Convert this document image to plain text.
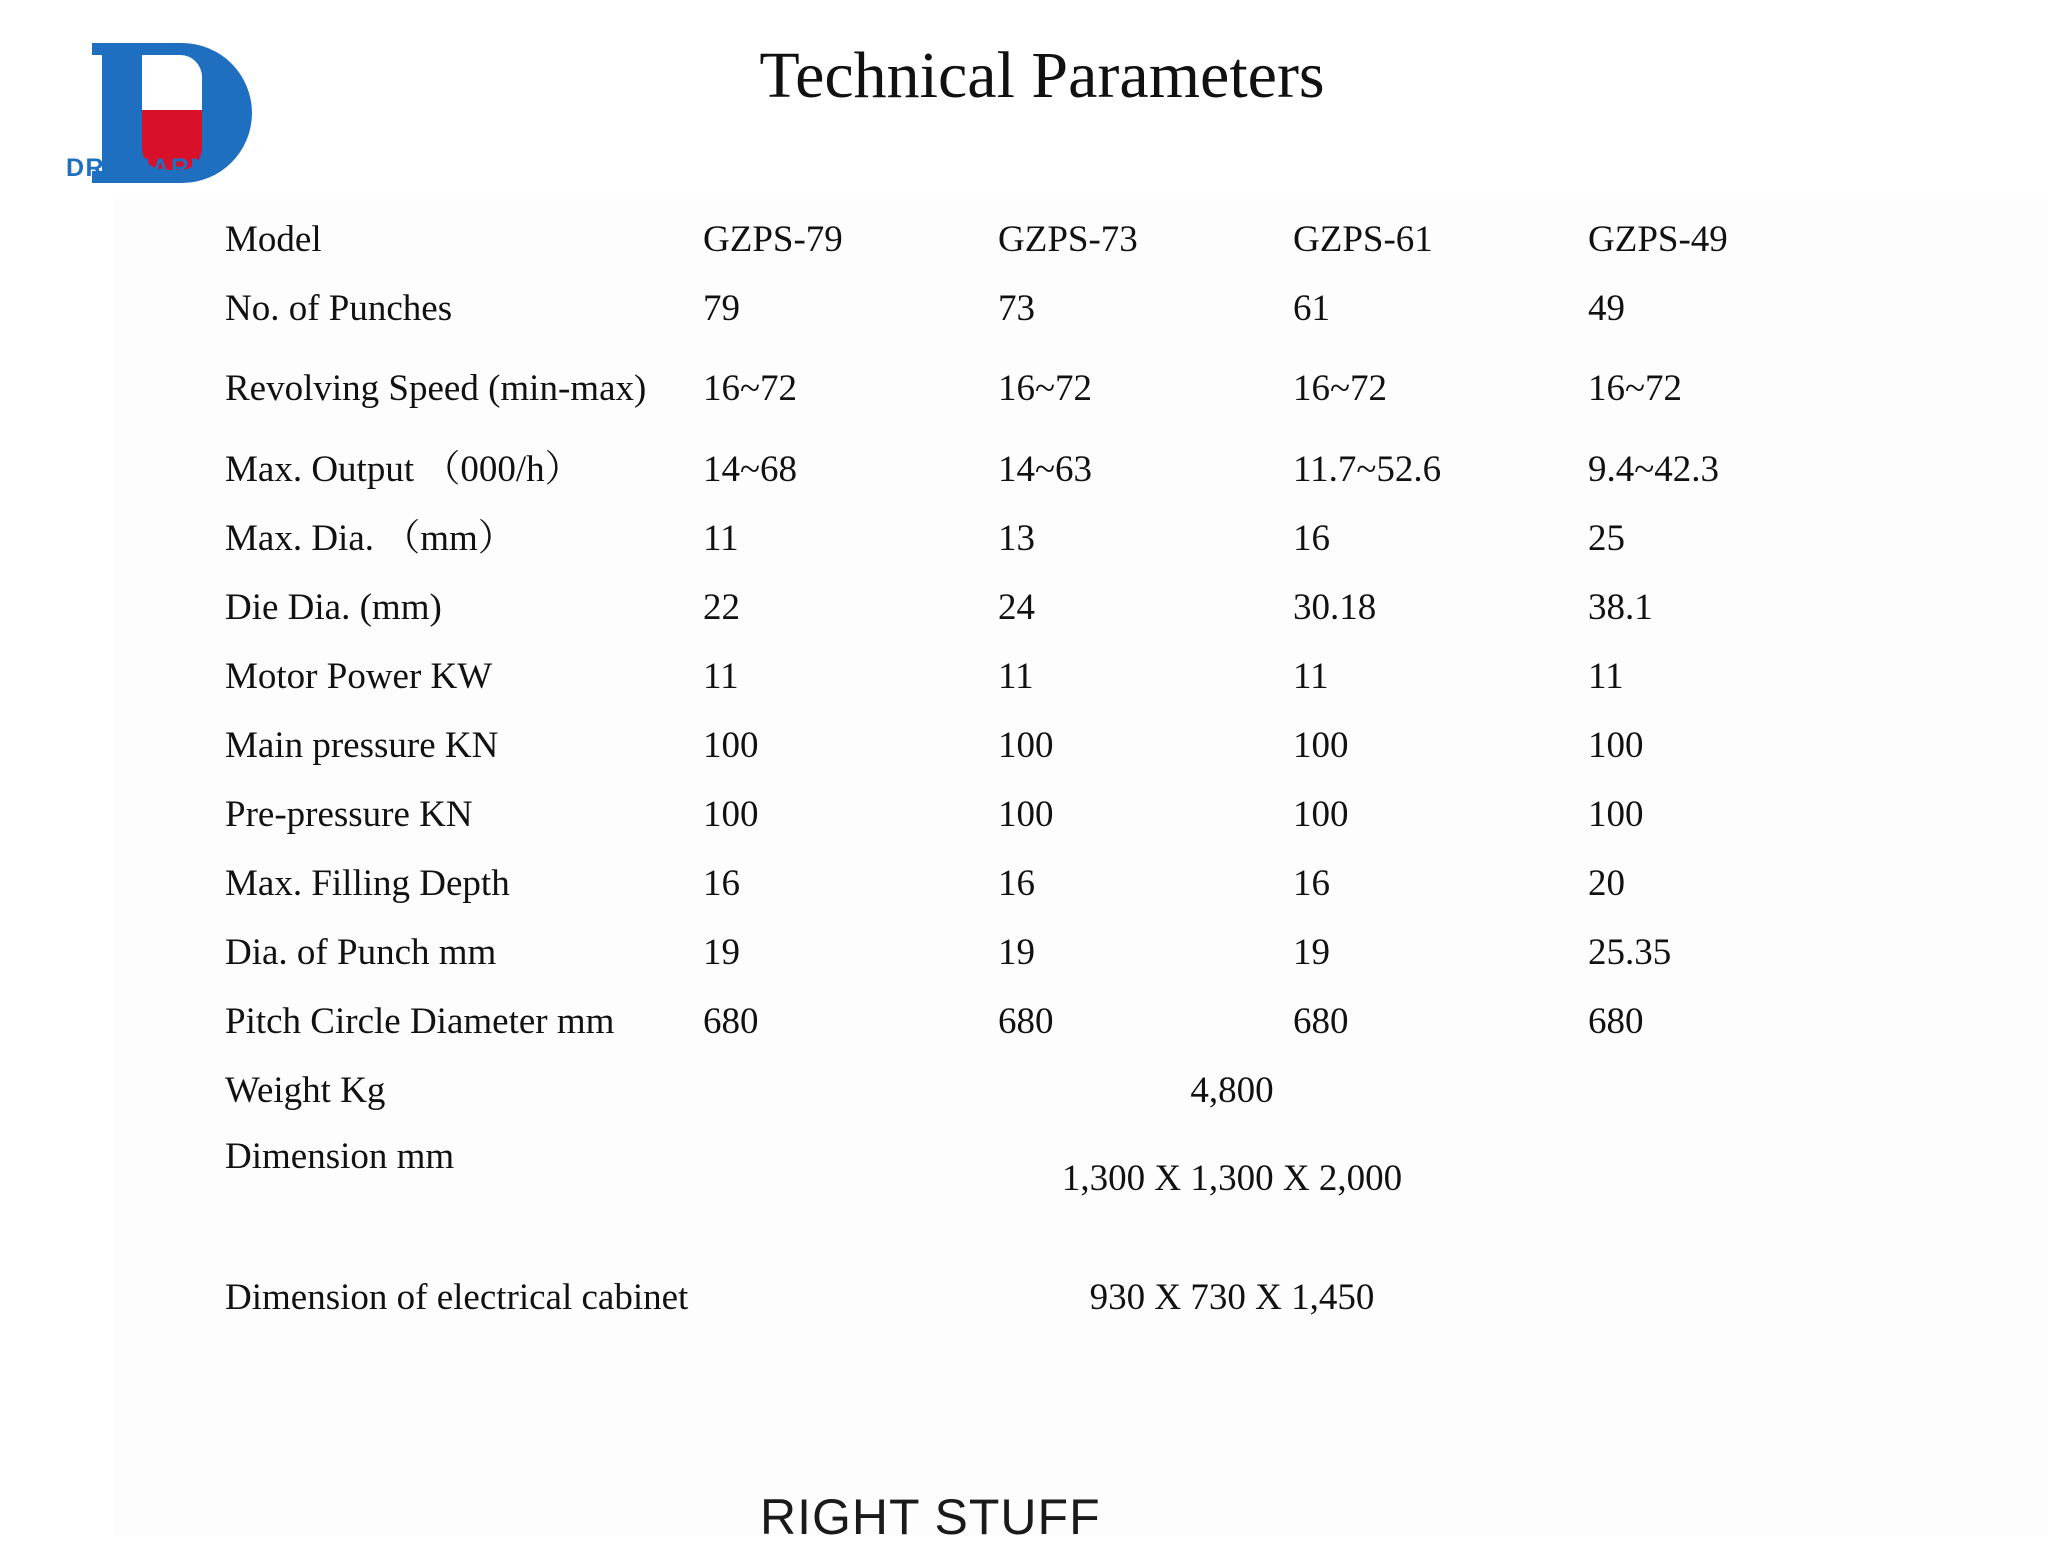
DR.PHARM
Technical Parameters
Model	GZPS-79	GZPS-73	GZPS-61	GZPS-49
No. of Punches	79	73	61	49
Revolving Speed (min-max)	16~72	16~72	16~72	16~72
Max. Output （000/h）	14~68	14~63	11.7~52.6	9.4~42.3
Max. Dia. （mm）	11	13	16	25
Die Dia. (mm)	22	24	30.18	38.1
Motor Power KW	11	11	11	11
Main pressure KN	100	100	100	100
Pre-pressure KN	100	100	100	100
Max. Filling Depth	16	16	16	20
Dia. of Punch mm	19	19	19	25.35
Pitch Circle Diameter mm	680	680	680	680
Weight Kg	4,800			
Dimension mm	1,300 X 1,300 X 2,000			
Dimension of electrical cabinet	930 X 730 X 1,450			
RIGHT STUFF
